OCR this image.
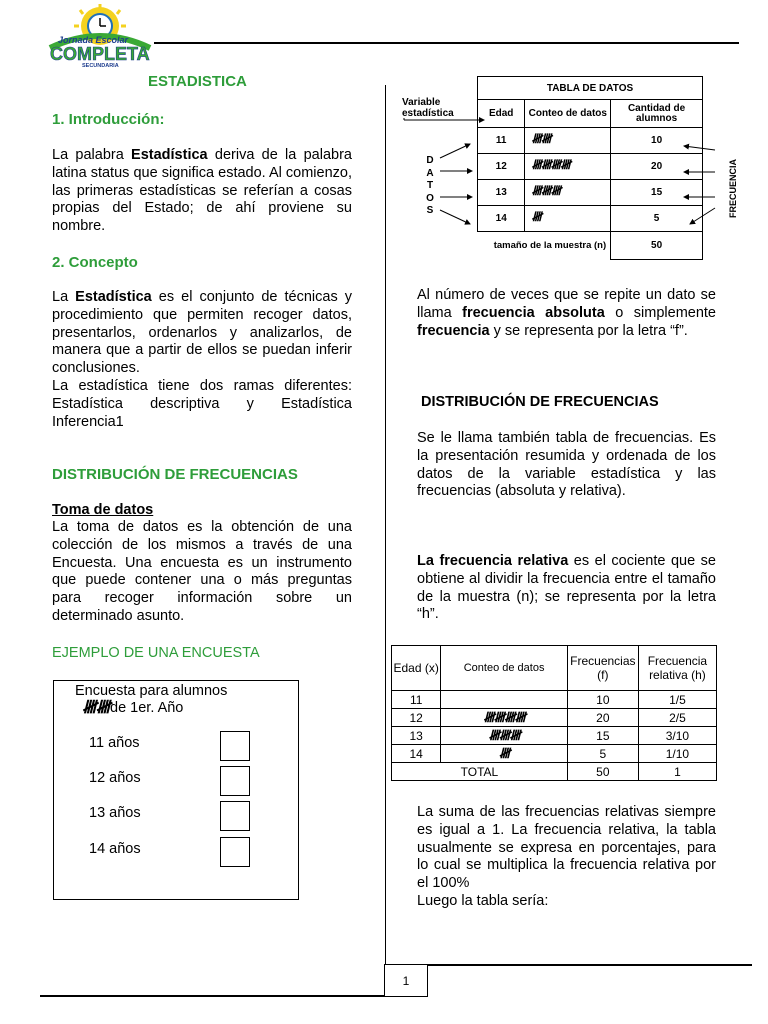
Jornada Escolar
COMPLETA
SECUNDARIA
ESTADISTICA
1. Introducción:
La palabra Estadística deriva de la palabra latina status que significa estado. Al comienzo, las primeras estadísticas se referían a cosas propias del Estado; de ahí proviene su nombre.
2. Concepto
La Estadística es el conjunto de técnicas y procedimiento que permiten recoger datos, presentarlos, ordenarlos y analizarlos, de manera que a partir de ellos se puedan inferir conclusiones.
La estadística tiene dos ramas diferentes: Estadística descriptiva y Estadística Inferencia1
DISTRIBUCIÓN DE FRECUENCIAS
Toma de datos
La toma de datos es la obtención de una colección de los mismos a través de una Encuesta. Una encuesta es un instrumento que puede contener una o más preguntas para recoger información sobre un determinado asunto.
EJEMPLO DE UNA ENCUESTA
Encuesta para alumnos
de 1er. Año
𝍸𝍸
11 años
12 años
13 años
14 años
Variable estadística
D
A
T
O
S	FRECUENCIA
TABLA DE DATOS		
Edad	Conteo de datos	Cantidad de alumnos
11	𝍸𝍸	10
12	𝍸𝍸𝍸𝍸	20
13	𝍸𝍸𝍸	15
14	𝍸	5
tamaño de la muestra (n)		50
Al número de veces que se repite un dato se llama frecuencia absoluta o simplemente frecuencia y se representa por la letra “f”.
DISTRIBUCIÓN DE FRECUENCIAS
Se le llama también tabla de frecuencias. Es la presentación resumida y ordenada de los datos de la variable estadística y las frecuencias (absoluta y relativa).
La frecuencia relativa es el cociente que se obtiene al dividir la frecuencia entre el tamaño de la muestra (n); se representa por la letra “h”.
Edad (x)	Conteo de datos	Frecuencias (f)	Frecuencia relativa (h)
11		10	1/5
12	𝍸𝍸𝍸𝍸	20	2/5
13	𝍸𝍸𝍸	15	3/10
14	𝍸	5	1/10
TOTAL		50	1
La suma de las frecuencias relativas siempre es igual a 1. La frecuencia relativa, la tabla usualmente se expresa en porcentajes, para lo cual se multiplica la frecuencia relativa por el 100%
Luego la tabla sería:
1
